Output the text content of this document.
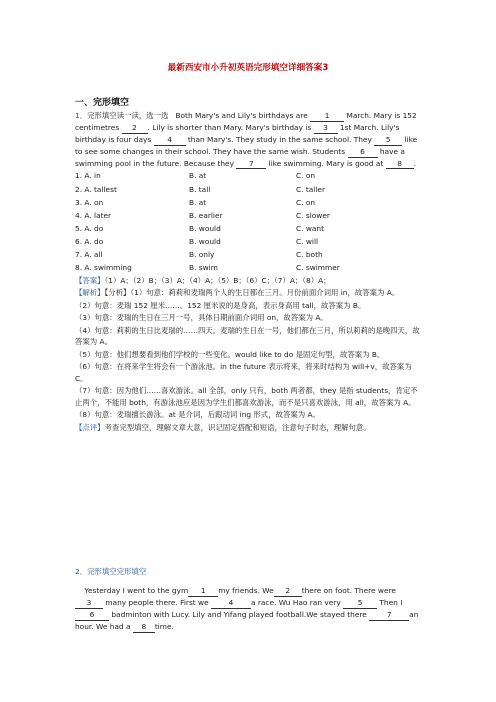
最新西安市小升初英语完形填空详细答案3
一、完形填空

1．完形填空读一读，选一选 Both Mary's and Lily's birthdays are 1 March. Mary is 152 centimetres 2 . Lily is shorter than Mary. Mary's birthday is 3 1st March. Lily's birthday is four days 4 than Mary's. They study in the same school. They 5 like to see some changes in their school. They have the same wish. Students 6 have a swimming pool in the future. Because they 7 like swimming. Mary is good at 8 .

1. A. in	B. at	C. on
2. A. tallest	B. tall	C. taller
3. A. on	B. at	C. on
4. A. later	B. earlier	C. slower
5. A. do	B. would	C. want
6. A. do	B. would	C. will
7. A. all	B. only	C. both
8. A. swimming	B. swim	C. swimmer

【答案】（1）A；（2）B；（3）A；（4）A；（5）B；（6）C；（7）A；（8）A；

【解析】【分析】（1）句意：莉莉和麦瑞两个人的生日都在三月。月份前面介词用 in，故答案为 A。

（2）句意：麦瑞 152 厘米……。152 厘米说的是身高，表示身高用 tall，故答案为 B。

（3）句意：麦瑞的生日在三月一号，具体日期前面介词用 on，故答案为 A。

（4）句意：莉莉的生日比麦瑞的……四天。麦瑞的生日在一号，他们都在三月，所以莉莉的是晚四天，故答案为 A。

（5）句意：他们想要看到他们学校的一些变化。would like to do 是固定句型，故答案为 B。

（6）句意：在将来学生将会有一个游泳池。in the future 表示将来，将来时结构为 will+v，故答案为 C。

（7）句意：因为他们……喜欢游泳。all 全部，only 只有，both 两者都，they 是指 students，肯定不止两个，不能用 both，有游泳池应是因为学生们都喜欢游泳，而不是只喜欢游泳，用 all，故答案为 A。

（8）句意：麦瑞擅长游泳。at 是介词，后跟动词 ing 形式，故答案为 A。

【点评】考查完型填空，理解文章大意，识记固定搭配和短语，注意句子时态，理解句意。

2．完形填空完形填空

Yesterday I went to the gym 1 my friends. We 2 there on foot. There were 3 many people there. First we 4 a race. Wu Hao ran very 5 Then I 6 badminton with Lucy. Lily and Yifang played football.We stayed there 7 an hour. We had a 8 time.
